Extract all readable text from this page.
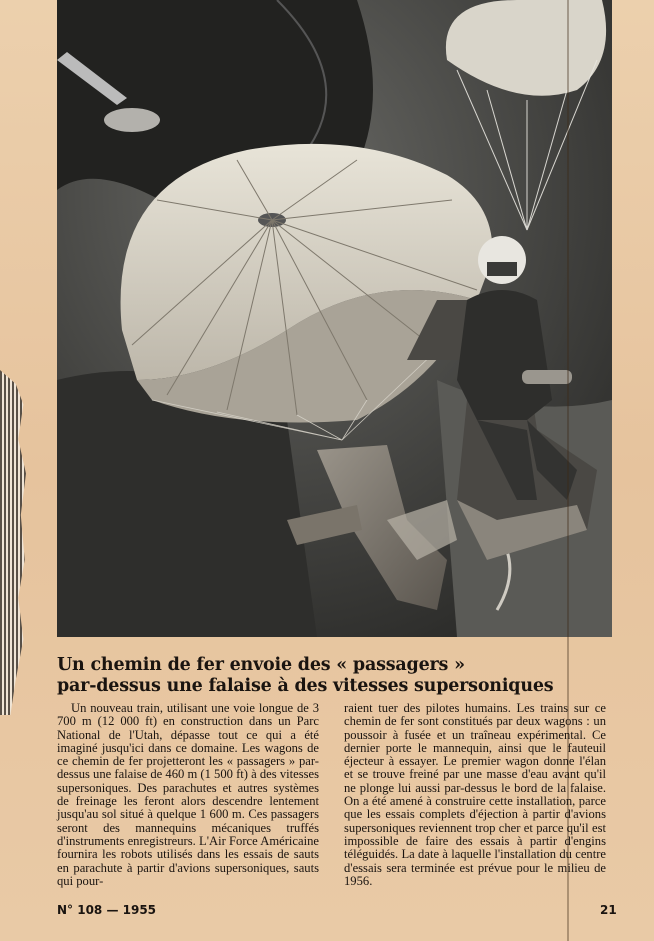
Un chemin de fer envoie des « passagers »
par-dessus une falaise à des vitesses supersoniques
Un nouveau train, utilisant une voie longue de 3 700 m (12 000 ft) en construction dans un Parc National de l'Utah, dépasse tout ce qui a été imaginé jusqu'ici dans ce domaine. Les wagons de ce chemin de fer projetteront les « passagers » par-dessus une falaise de 460 m (1 500 ft) à des vitesses supersoniques. Des parachutes et autres systèmes de freinage les feront alors descendre lentement jusqu'au sol situé à quelque 1 600 m. Ces passagers seront des mannequins mécaniques truffés d'instruments enregistreurs. L'Air Force Américaine fournira les robots utilisés dans les essais de sauts en parachute à partir d'avions supersoniques, sauts qui pour-
raient tuer des pilotes humains. Les trains sur ce chemin de fer sont constitués par deux wagons : un poussoir à fusée et un traîneau expérimental. Ce dernier porte le mannequin, ainsi que le fauteuil éjecteur à essayer. Le premier wagon donne l'élan et se trouve freiné par une masse d'eau avant qu'il ne plonge lui aussi par-dessus le bord de la falaise. On a été amené à construire cette installation, parce que les essais complets d'éjection à partir d'avions supersoniques reviennent trop cher et parce qu'il est impossible de faire des essais à partir d'engins téléguidés. La date à laquelle l'installation du centre d'essais sera terminée est prévue pour le milieu de 1956.
N° 108 — 1955	21
